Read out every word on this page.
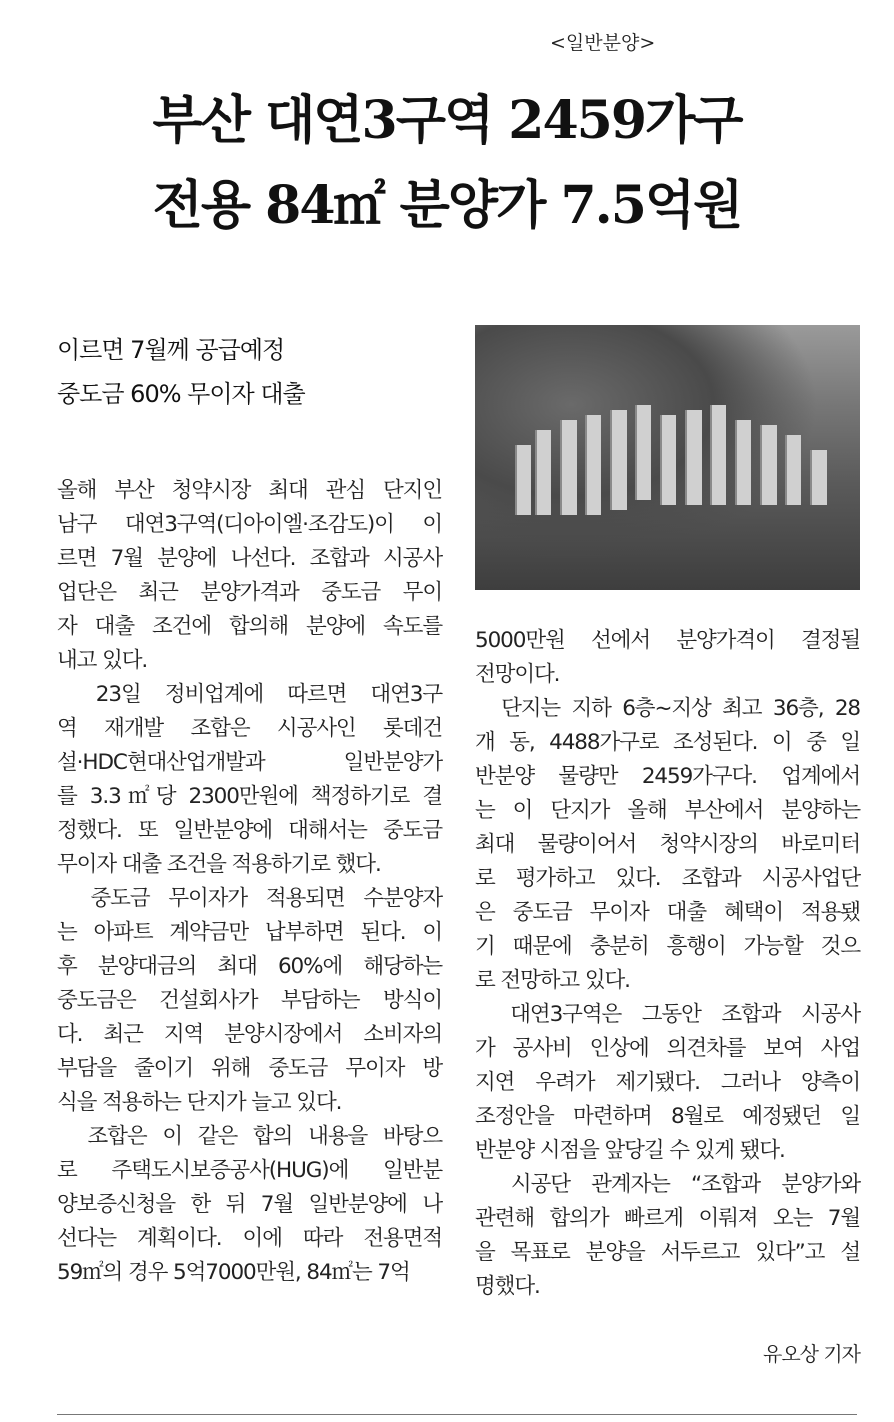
<일반분양>
부산 대연3구역 2459가구
전용 84㎡ 분양가 7.5억원
이르면 7월께 공급예정
중도금 60% 무이자 대출
올해 부산 청약시장 최대 관심 단지인
남구 대연3구역(디아이엘·조감도)이 이
르면 7월 분양에 나선다. 조합과 시공사
업단은 최근 분양가격과 중도금 무이
자 대출 조건에 합의해 분양에 속도를
내고 있다.
　23일 정비업계에 따르면 대연3구
역 재개발 조합은 시공사인 롯데건
설·HDC현대산업개발과 일반분양가
를 3.3㎡당 2300만원에 책정하기로 결
정했다. 또 일반분양에 대해서는 중도금
무이자 대출 조건을 적용하기로 했다.
　중도금 무이자가 적용되면 수분양자
는 아파트 계약금만 납부하면 된다. 이
후 분양대금의 최대 60%에 해당하는
중도금은 건설회사가 부담하는 방식이
다. 최근 지역 분양시장에서 소비자의
부담을 줄이기 위해 중도금 무이자 방
식을 적용하는 단지가 늘고 있다.
　조합은 이 같은 합의 내용을 바탕으
로 주택도시보증공사(HUG)에 일반분
양보증신청을 한 뒤 7월 일반분양에 나
선다는 계획이다. 이에 따라 전용면적
59㎡의 경우 5억7000만원, 84㎡는 7억
5000만원 선에서 분양가격이 결정될
전망이다.
　단지는 지하 6층~지상 최고 36층, 28
개 동, 4488가구로 조성된다. 이 중 일
반분양 물량만 2459가구다. 업계에서
는 이 단지가 올해 부산에서 분양하는
최대 물량이어서 청약시장의 바로미터
로 평가하고 있다. 조합과 시공사업단
은 중도금 무이자 대출 혜택이 적용됐
기 때문에 충분히 흥행이 가능할 것으
로 전망하고 있다.
　대연3구역은 그동안 조합과 시공사
가 공사비 인상에 의견차를 보여 사업
지연 우려가 제기됐다. 그러나 양측이
조정안을 마련하며 8월로 예정됐던 일
반분양 시점을 앞당길 수 있게 됐다.
　시공단 관계자는 “조합과 분양가와
관련해 합의가 빠르게 이뤄져 오는 7월
을 목표로 분양을 서두르고 있다”고 설
명했다.
유오상 기자
